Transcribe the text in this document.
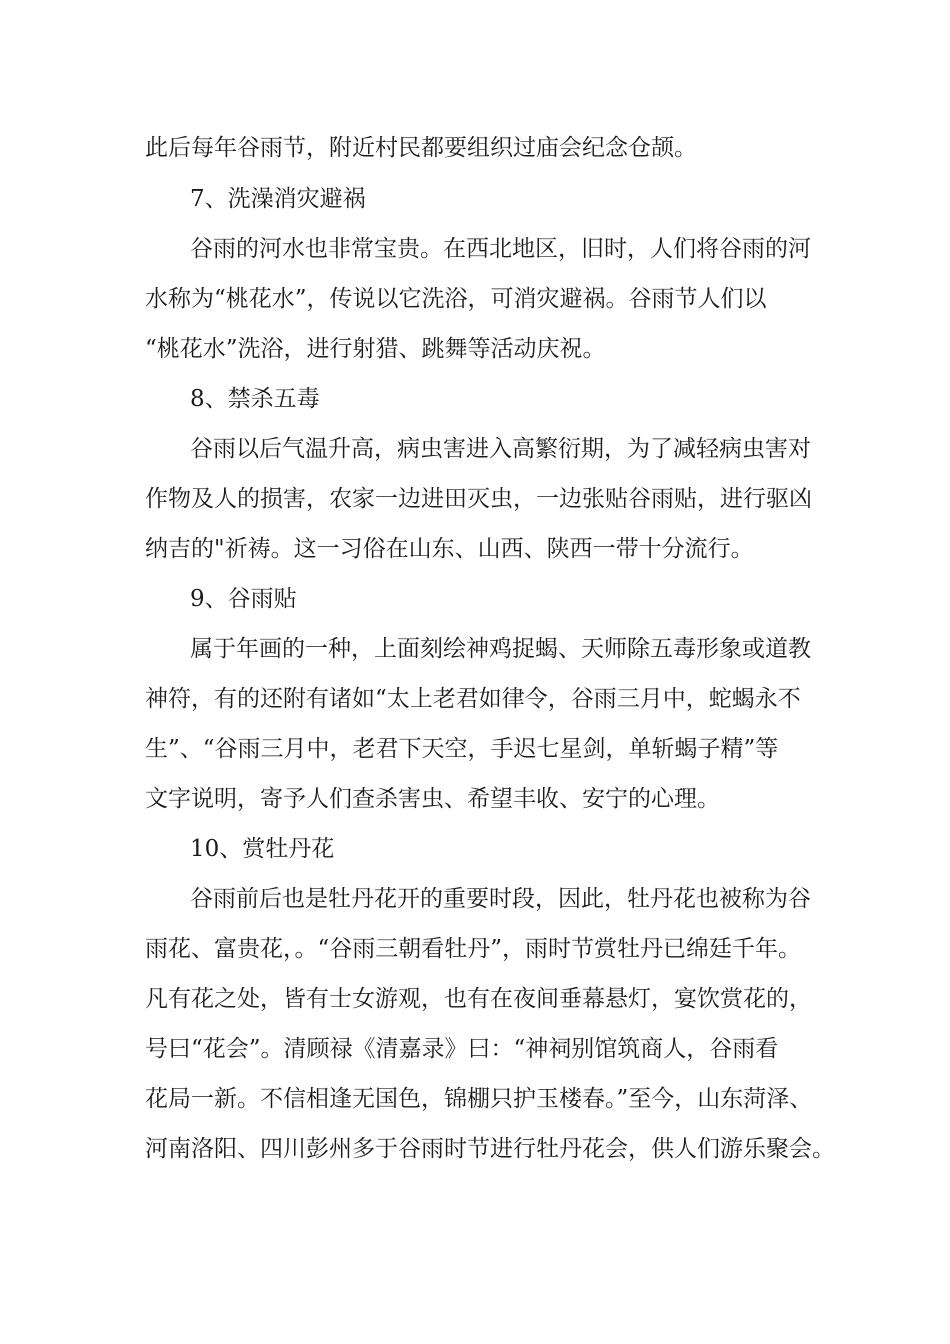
此后每年谷雨节，附近村民都要组织过庙会纪念仓颉。
7、洗澡消灾避祸
谷雨的河水也非常宝贵。在西北地区，旧时，人们将谷雨的河
水称为“桃花水”，传说以它洗浴，可消灾避祸。谷雨节人们以
“桃花水”洗浴，进行射猎、跳舞等活动庆祝。
8、禁杀五毒
谷雨以后气温升高，病虫害进入高繁衍期，为了减轻病虫害对
作物及人的损害，农家一边进田灭虫，一边张贴谷雨贴，进行驱凶
纳吉的"祈祷。这一习俗在山东、山西、陕西一带十分流行。
9、谷雨贴
属于年画的一种，上面刻绘神鸡捉蝎、天师除五毒形象或道教
神符，有的还附有诸如“太上老君如律令，谷雨三月中，蛇蝎永不
生”、“谷雨三月中，老君下天空，手迟七星剑，单斩蝎子精”等
文字说明，寄予人们查杀害虫、希望丰收、安宁的心理。
10、赏牡丹花
谷雨前后也是牡丹花开的重要时段，因此，牡丹花也被称为谷
雨花、富贵花，。“谷雨三朝看牡丹”，雨时节赏牡丹已绵廷千年。
凡有花之处，皆有士女游观，也有在夜间垂幕悬灯，宴饮赏花的，
号曰“花会”。清顾禄《清嘉录》曰：“神祠别馆筑商人，谷雨看
花局一新。不信相逢无国色，锦棚只护玉楼春。”至今，山东菏泽、
河南洛阳、四川彭州多于谷雨时节进行牡丹花会，供人们游乐聚会。
